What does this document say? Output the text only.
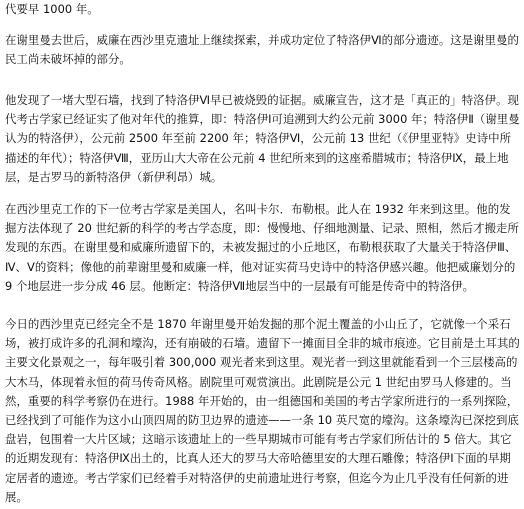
代要早 1000 年。

在谢里曼去世后，威廉在西沙里克遗址上继续探索，并成功定位了特洛伊Ⅵ的部分遗迹。这是谢里曼的民工尚未破坏掉的部分。

他发现了一堵大型石墙，找到了特洛伊Ⅵ早已被烧毁的证据。威廉宣告，这才是「真正的」特洛伊。现代考古学家已经证实了他对年代的推算，即：特洛伊Ⅰ可追溯到大约公元前 3000 年；特洛伊Ⅱ（谢里曼认为的特洛伊），公元前 2500 年至前 2200 年；特洛伊Ⅵ，公元前 13 世纪（《伊里亚特》史诗中所描述的年代）；特洛伊Ⅷ，亚历山大大帝在公元前 4 世纪所来到的这座希腊城市；特洛伊Ⅸ，最上地层，是古罗马的新特洛伊（新伊利昂）城。

在西沙里克工作的下一位考古学家是美国人，名叫卡尔．布勒根。此人在 1932 年来到这里。他的发掘方法体现了 20 世纪新的科学的考古学态度，即：慢慢地、仔细地测量、记录、照相，然后才搬走所发现的东西。在谢里曼和威廉所遗留下的，未被发掘过的小丘地区，布勒根获取了大量关于特洛伊Ⅲ、Ⅳ、Ⅴ的资料；像他的前辈谢里曼和威廉一样，他对证实荷马史诗中的特洛伊感兴趣。他把威廉划分的 9 个地层进一步分成 46 层。他断定：特洛伊Ⅶ地层当中的一层最有可能是传奇中的特洛伊。

今日的西沙里克已经完全不是 1870 年谢里曼开始发掘的那个泥土覆盖的小山丘了，它就像一个采石场，被打成许多的孔洞和壕沟，还有崩破的石墙。遗留下一摊面目全非的城市痕迹。它目前是土耳其的主要文化景观之一，每年吸引着 300,000 观光者来到这里。观光者一到这里就能看到一个三层楼高的大木马，体现着永恒的荷马传奇风格。剧院里可观赏演出。此剧院是公元 1 世纪由罗马人修建的。当然，重要的科学考察仍在进行。1988 年开始的，由一组德国和美国的考古学家所进行的一系列探险，已经找到了可能作为这小山顶四周的防卫边界的遗迹——一条 10 英尺宽的壕沟。这条壕沟已深挖到底盘岩，包围着一大片区域；这暗示该遗址上的一些早期城市可能有考古学家们所估计的 5 倍大。其它的近期发现有：特洛伊Ⅸ出土的，比真人还大的罗马大帝哈德里安的大理石雕像；特洛伊Ⅰ下面的早期定居者的遗迹。考古学家们已经着手对特洛伊的史前遗址进行考察，但迄今为止几乎没有任何新的进展。
